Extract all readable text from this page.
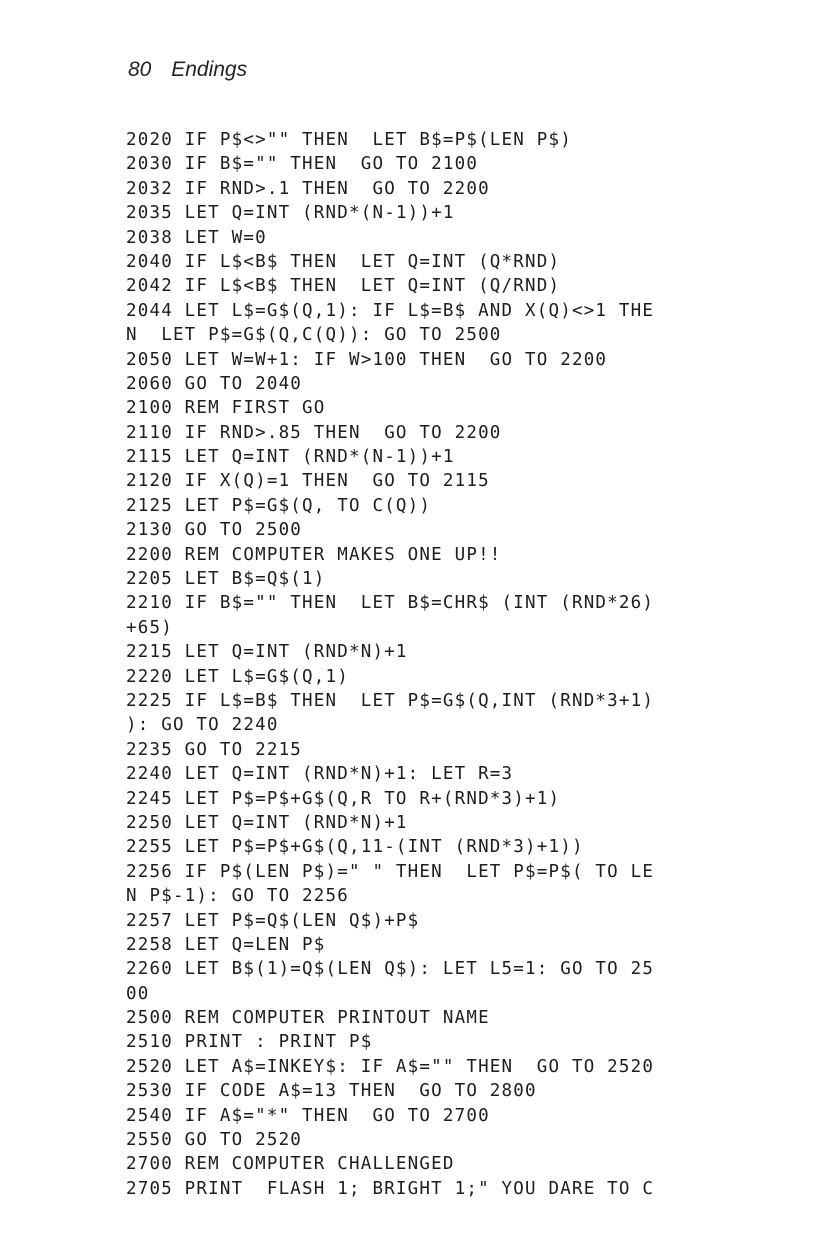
80 Endings
2020 IF P$<>"" THEN  LET B$=P$(LEN P$)
2030 IF B$="" THEN  GO TO 2100
2032 IF RND>.1 THEN  GO TO 2200
2035 LET Q=INT (RND*(N-1))+1
2038 LET W=0
2040 IF L$<B$ THEN  LET Q=INT (Q*RND)
2042 IF L$<B$ THEN  LET Q=INT (Q/RND)
2044 LET L$=G$(Q,1): IF L$=B$ AND X(Q)<>1 THE
N  LET P$=G$(Q,C(Q)): GO TO 2500
2050 LET W=W+1: IF W>100 THEN  GO TO 2200
2060 GO TO 2040
2100 REM FIRST GO
2110 IF RND>.85 THEN  GO TO 2200
2115 LET Q=INT (RND*(N-1))+1
2120 IF X(Q)=1 THEN  GO TO 2115
2125 LET P$=G$(Q, TO C(Q))
2130 GO TO 2500
2200 REM COMPUTER MAKES ONE UP!!
2205 LET B$=Q$(1)
2210 IF B$="" THEN  LET B$=CHR$ (INT (RND*26)
+65)
2215 LET Q=INT (RND*N)+1
2220 LET L$=G$(Q,1)
2225 IF L$=B$ THEN  LET P$=G$(Q,INT (RND*3+1)
): GO TO 2240
2235 GO TO 2215
2240 LET Q=INT (RND*N)+1: LET R=3
2245 LET P$=P$+G$(Q,R TO R+(RND*3)+1)
2250 LET Q=INT (RND*N)+1
2255 LET P$=P$+G$(Q,11-(INT (RND*3)+1))
2256 IF P$(LEN P$)=" " THEN  LET P$=P$( TO LE
N P$-1): GO TO 2256
2257 LET P$=Q$(LEN Q$)+P$
2258 LET Q=LEN P$
2260 LET B$(1)=Q$(LEN Q$): LET L5=1: GO TO 25
00
2500 REM COMPUTER PRINTOUT NAME
2510 PRINT : PRINT P$
2520 LET A$=INKEY$: IF A$="" THEN  GO TO 2520
2530 IF CODE A$=13 THEN  GO TO 2800
2540 IF A$="*" THEN  GO TO 2700
2550 GO TO 2520
2700 REM COMPUTER CHALLENGED
2705 PRINT  FLASH 1; BRIGHT 1;" YOU DARE TO C
